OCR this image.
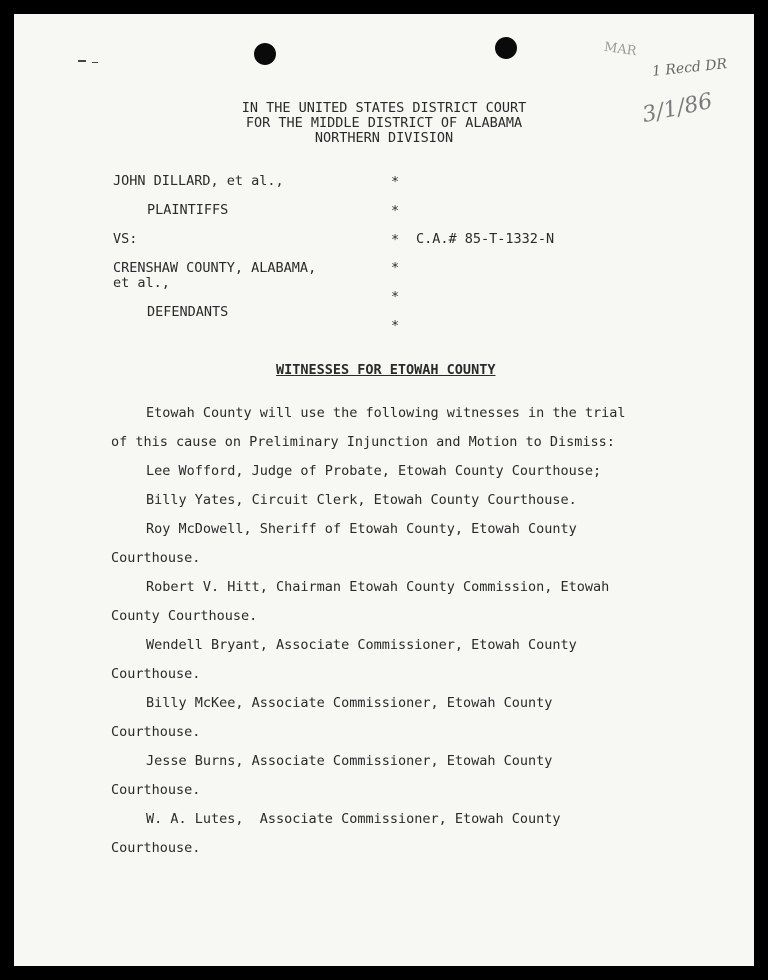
MAR
1 Recd DR
3/1/86
IN THE UNITED STATES DISTRICT COURT
FOR THE MIDDLE DISTRICT OF ALABAMA
NORTHERN DIVISION
JOHN DILLARD, et al.,
PLAINTIFFS
VS:
CRENSHAW COUNTY, ALABAMA,
et al.,
DEFENDANTS
*
*
*
*
*
*
C.A.# 85-T-1332-N
WITNESSES FOR ETOWAH COUNTY
Etowah County will use the following witnesses in the trial
of this cause on Preliminary Injunction and Motion to Dismiss:
Lee Wofford, Judge of Probate, Etowah County Courthouse;
Billy Yates, Circuit Clerk, Etowah County Courthouse.
Roy McDowell, Sheriff of Etowah County, Etowah County
Courthouse.
Robert V. Hitt, Chairman Etowah County Commission, Etowah
County Courthouse.
Wendell Bryant, Associate Commissioner, Etowah County
Courthouse.
Billy McKee, Associate Commissioner, Etowah County
Courthouse.
Jesse Burns, Associate Commissioner, Etowah County
Courthouse.
W. A. Lutes,  Associate Commissioner, Etowah County
Courthouse.
